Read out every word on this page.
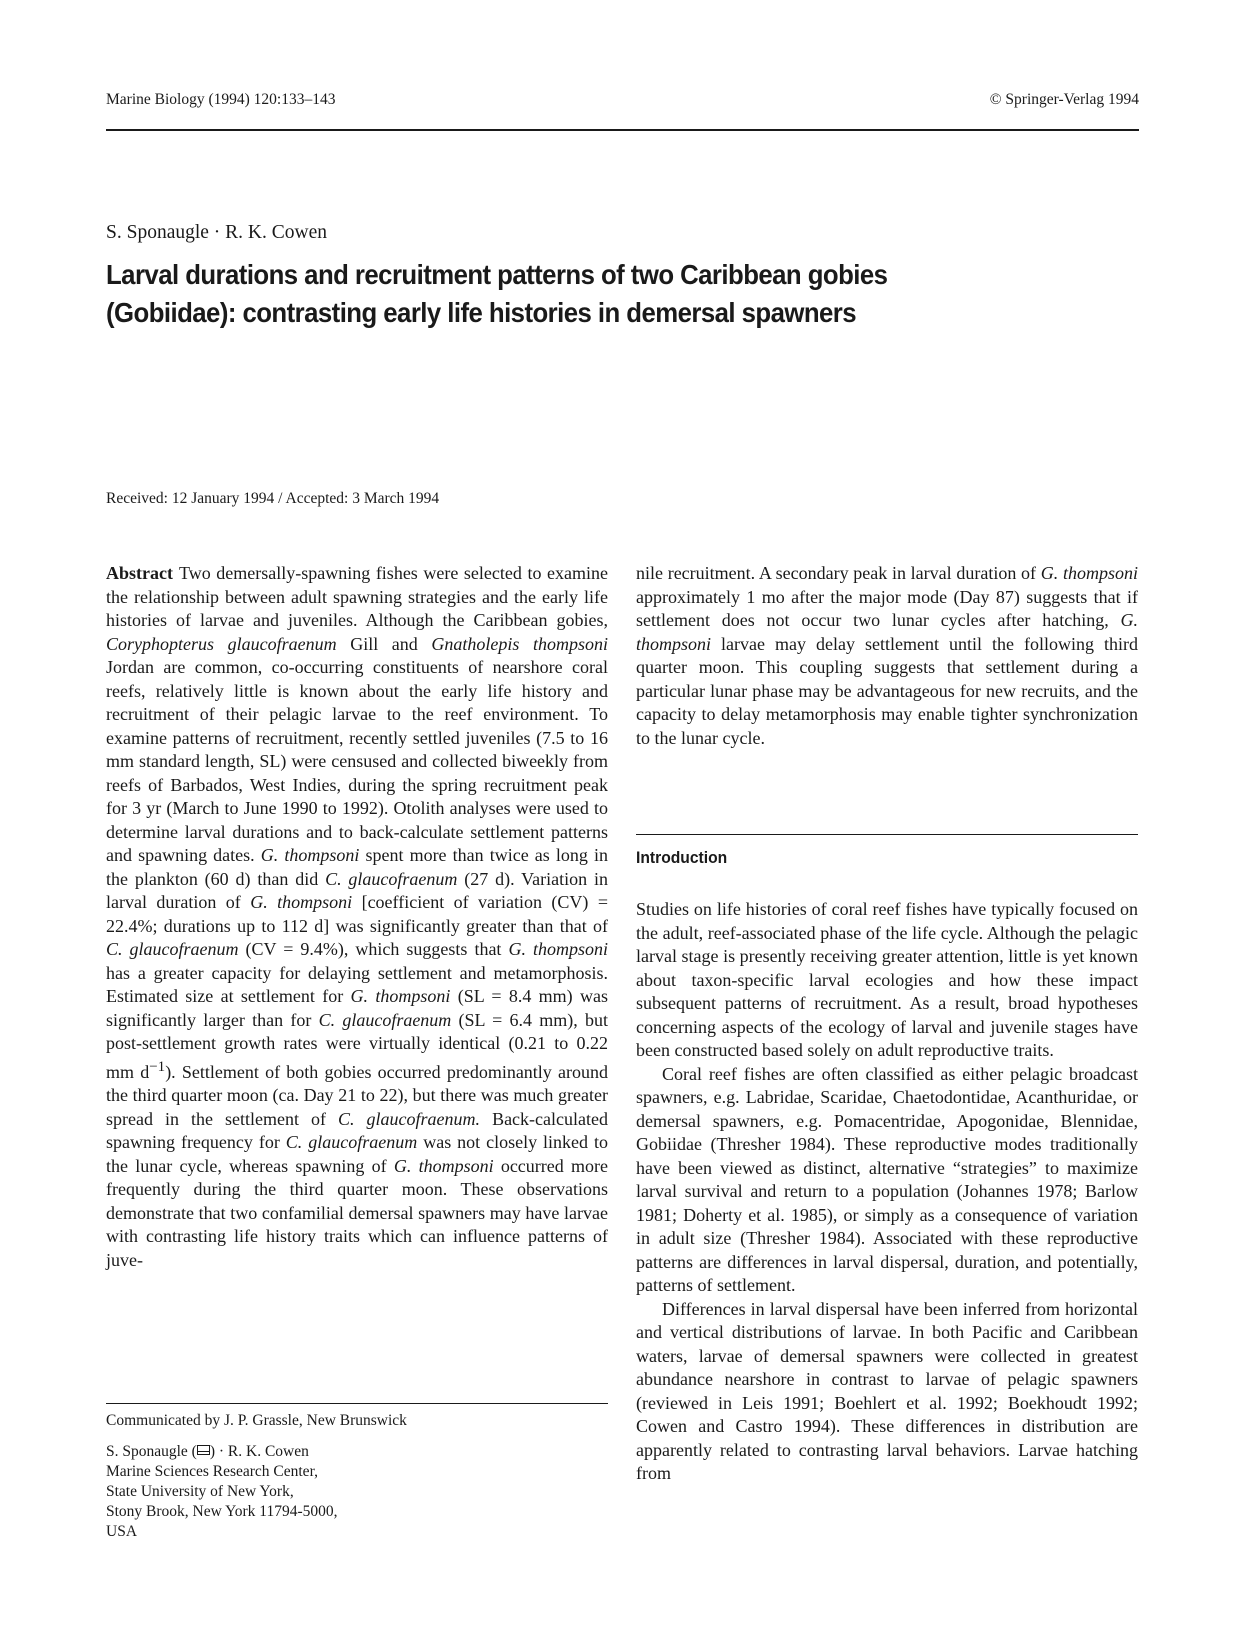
Marine Biology (1994) 120:133–143	© Springer-Verlag 1994
S. Sponaugle · R. K. Cowen
Larval durations and recruitment patterns of two Caribbean gobies
(Gobiidae): contrasting early life histories in demersal spawners
Received: 12 January 1994 / Accepted: 3 March 1994
Abstract Two demersally-spawning fishes were selected to examine the relationship between adult spawning strategies and the early life histories of larvae and juveniles. Although the Caribbean gobies, Coryphopterus glaucofraenum Gill and Gnatholepis thompsoni Jordan are common, co-occurring constituents of nearshore coral reefs, relatively little is known about the early life history and recruitment of their pelagic larvae to the reef environment. To examine patterns of recruitment, recently settled juveniles (7.5 to 16 mm standard length, SL) were censused and collected biweekly from reefs of Barbados, West Indies, during the spring recruitment peak for 3 yr (March to June 1990 to 1992). Otolith analyses were used to determine larval durations and to back-calculate settlement patterns and spawning dates. G. thompsoni spent more than twice as long in the plankton (60 d) than did C. glaucofraenum (27 d). Variation in larval duration of G. thompsoni [coefficient of variation (CV) = 22.4%; durations up to 112 d] was significantly greater than that of C. glaucofraenum (CV = 9.4%), which suggests that G. thompsoni has a greater capacity for delaying settlement and metamorphosis. Estimated size at settlement for G. thompsoni (SL = 8.4 mm) was significantly larger than for C. glaucofraenum (SL = 6.4 mm), but post-settlement growth rates were virtually identical (0.21 to 0.22 mm $d^{-1}$). Settlement of both gobies occurred predominantly around the third quarter moon (ca. Day 21 to 22), but there was much greater spread in the settlement of C. glaucofraenum. Back-calculated spawning frequency for C. glaucofraenum was not closely linked to the lunar cycle, whereas spawning of G. thompsoni occurred more frequently during the third quarter moon. These observations demonstrate that two confamilial demersal spawners may have larvae with contrasting life history traits which can influence patterns of juve-
nile recruitment. A secondary peak in larval duration of G. thompsoni approximately 1 mo after the major mode (Day 87) suggests that if settlement does not occur two lunar cycles after hatching, G. thompsoni larvae may delay settlement until the following third quarter moon. This coupling suggests that settlement during a particular lunar phase may be advantageous for new recruits, and the capacity to delay metamorphosis may enable tighter synchronization to the lunar cycle.
Introduction

Studies on life histories of coral reef fishes have typically focused on the adult, reef-associated phase of the life cycle. Although the pelagic larval stage is presently receiving greater attention, little is yet known about taxon-specific larval ecologies and how these impact subsequent patterns of recruitment. As a result, broad hypotheses concerning aspects of the ecology of larval and juvenile stages have been constructed based solely on adult reproductive traits.

Coral reef fishes are often classified as either pelagic broadcast spawners, e.g. Labridae, Scaridae, Chaetodontidae, Acanthuridae, or demersal spawners, e.g. Pomacentridae, Apogonidae, Blennidae, Gobiidae (Thresher 1984). These reproductive modes traditionally have been viewed as distinct, alternative “strategies” to maximize larval survival and return to a population (Johannes 1978; Barlow 1981; Doherty et al. 1985), or simply as a consequence of variation in adult size (Thresher 1984). Associated with these reproductive patterns are differences in larval dispersal, duration, and potentially, patterns of settlement.

Differences in larval dispersal have been inferred from horizontal and vertical distributions of larvae. In both Pacific and Caribbean waters, larvae of demersal spawners were collected in greatest abundance nearshore in contrast to larvae of pelagic spawners (reviewed in Leis 1991; Boehlert et al. 1992; Boekhoudt 1992; Cowen and Castro 1994). These differences in distribution are apparently related to contrasting larval behaviors. Larvae hatching from

Communicated by J. P. Grassle, New Brunswick
S. Sponaugle ( ) · R. K. Cowen
Marine Sciences Research Center,
State University of New York,
Stony Brook, New York 11794-5000,
USA
